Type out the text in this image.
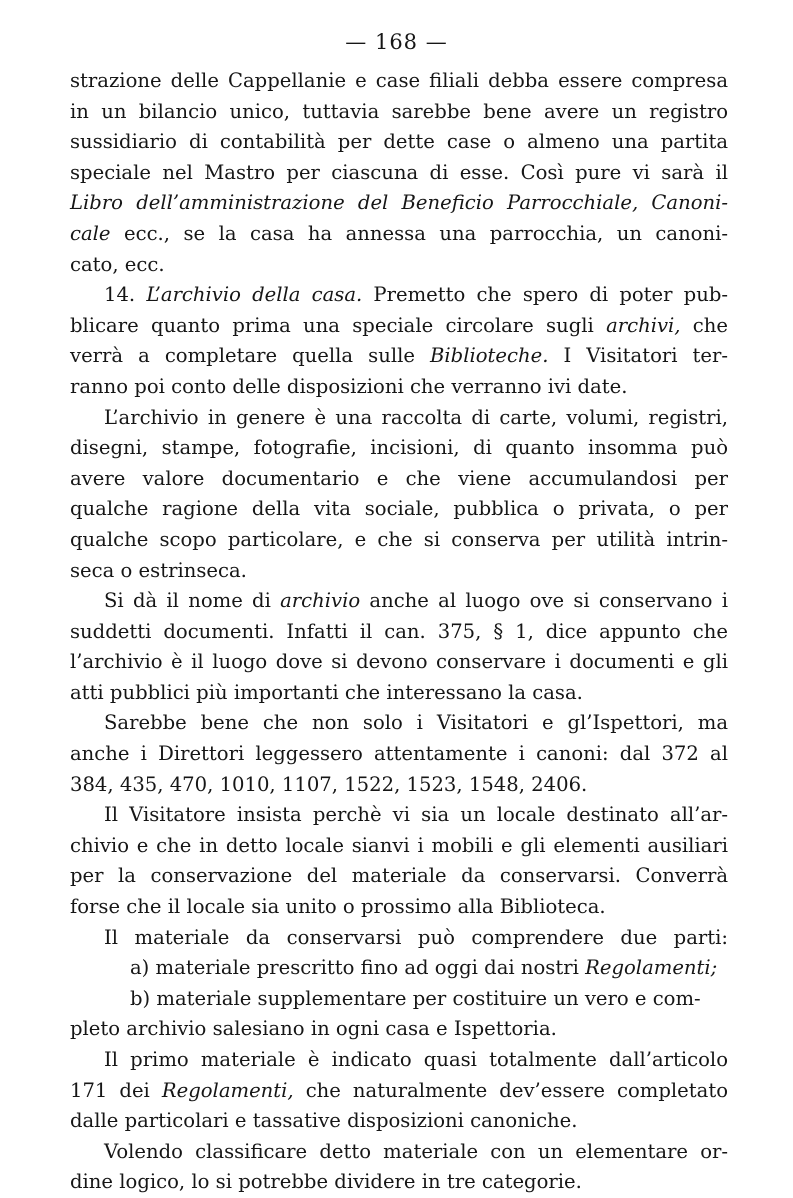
— 168 —
strazione delle Cappellanie e case filiali debba essere compresa
in un bilancio unico, tuttavia sarebbe bene avere un registro
sussidiario di contabilità per dette case o almeno una partita
speciale nel Mastro per ciascuna di esse. Così pure vi sarà il
Libro dell’amministrazione del Beneficio Parrocchiale, Canoni-
cale ecc., se la casa ha annessa una parrocchia, un canoni-
cato, ecc.
14. L’archivio della casa. Premetto che spero di poter pub-
blicare quanto prima una speciale circolare sugli archivi, che
verrà a completare quella sulle Biblioteche. I Visitatori ter-
ranno poi conto delle disposizioni che verranno ivi date.
L’archivio in genere è una raccolta di carte, volumi, registri,
disegni, stampe, fotografie, incisioni, di quanto insomma può
avere valore documentario e che viene accumulandosi per
qualche ragione della vita sociale, pubblica o privata, o per
qualche scopo particolare, e che si conserva per utilità intrin-
seca o estrinseca.
Si dà il nome di archivio anche al luogo ove si conservano i
suddetti documenti. Infatti il can. 375, § 1, dice appunto che
l’archivio è il luogo dove si devono conservare i documenti e gli
atti pubblici più importanti che interessano la casa.
Sarebbe bene che non solo i Visitatori e gl’Ispettori, ma
anche i Direttori leggessero attentamente i canoni: dal 372 al
384, 435, 470, 1010, 1107, 1522, 1523, 1548, 2406.
Il Visitatore insista perchè vi sia un locale destinato all’ar-
chivio e che in detto locale sianvi i mobili e gli elementi ausiliari
per la conservazione del materiale da conservarsi. Converrà
forse che il locale sia unito o prossimo alla Biblioteca.
Il materiale da conservarsi può comprendere due parti:
a) materiale prescritto fino ad oggi dai nostri Regolamenti;
b) materiale supplementare per costituire un vero e com-
pleto archivio salesiano in ogni casa e Ispettoria.
Il primo materiale è indicato quasi totalmente dall’articolo
171 dei Regolamenti, che naturalmente dev’essere completato
dalle particolari e tassative disposizioni canoniche.
Volendo classificare detto materiale con un elementare or-
dine logico, lo si potrebbe dividere in tre categorie.
